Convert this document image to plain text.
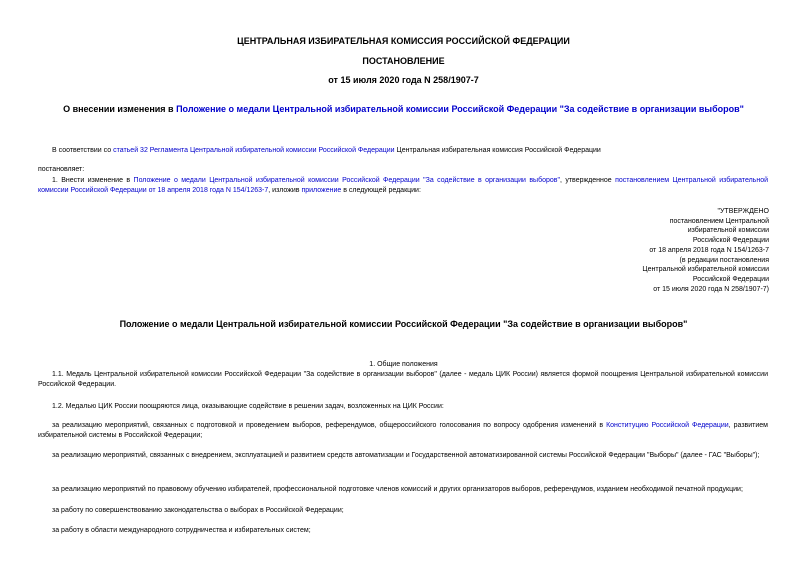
ЦЕНТРАЛЬНАЯ ИЗБИРАТЕЛЬНАЯ КОМИССИЯ РОССИЙСКОЙ ФЕДЕРАЦИИ
ПОСТАНОВЛЕНИЕ
от 15 июля 2020 года N 258/1907-7
О внесении изменения в Положение о медали Центральной избирательной комиссии Российской Федерации "За содействие в организации выборов"

В соответствии со статьей 32 Регламента Центральной избирательной комиссии Российской Федерации Центральная избирательная комиссия Российской Федерации

постановляет:

1. Внести изменение в Положение о медали Центральной избирательной комиссии Российской Федерации "За содействие в организации выборов", утвержденное постановлением Центральной избирательной комиссии Российской Федерации от 18 апреля 2018 года N 154/1263-7, изложив приложение в следующей редакции:

"УТВЕРЖДЕНО
постановлением Центральной
избирательной комиссии
Российской Федерации
от 18 апреля 2018 года N 154/1263-7
(в редакции постановления
Центральной избирательной комиссии
Российской Федерации
от 15 июля 2020 года N 258/1907-7)
Положение о медали Центральной избирательной комиссии Российской Федерации "За содействие в организации выборов"

1. Общие положения

1.1. Медаль Центральной избирательной комиссии Российской Федерации "За содействие в организации выборов" (далее - медаль ЦИК России) является формой поощрения Центральной избирательной комиссии Российской Федерации.

1.2. Медалью ЦИК России поощряются лица, оказывающие содействие в решении задач, возложенных на ЦИК России:

за реализацию мероприятий, связанных с подготовкой и проведением выборов, референдумов, общероссийского голосования по вопросу одобрения изменений в Конституцию Российской Федерации, развитием избирательной системы в Российской Федерации;

за реализацию мероприятий, связанных с внедрением, эксплуатацией и развитием средств автоматизации и Государственной автоматизированной системы Российской Федерации "Выборы" (далее - ГАС "Выборы");

за реализацию мероприятий по правовому обучению избирателей, профессиональной подготовке членов комиссий и других организаторов выборов, референдумов, изданием необходимой печатной продукции;

за работу по совершенствованию законодательства о выборах в Российской Федерации;

за работу в области международного сотрудничества и избирательных систем;
